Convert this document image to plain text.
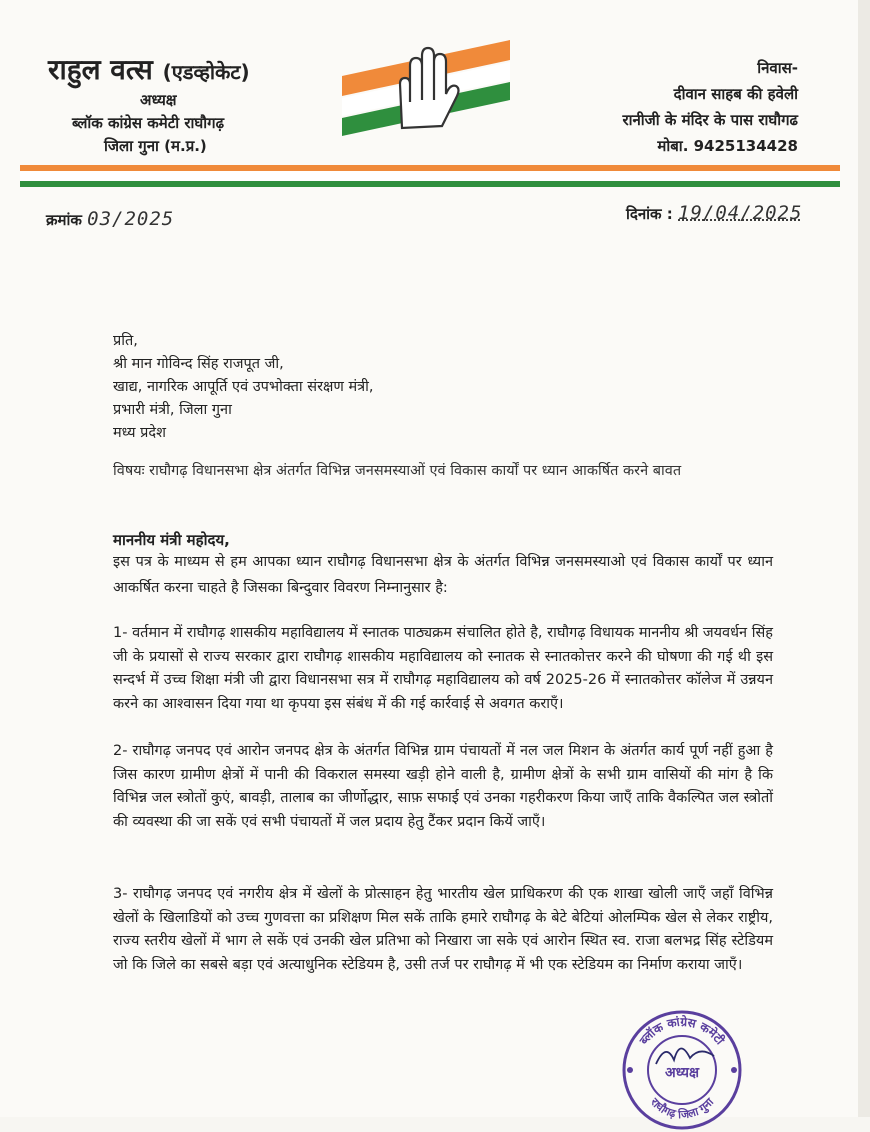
राहुल वत्स (एडव्होकेट)
अध्यक्ष
ब्लॉक कांग्रेस कमेटी राघौगढ़
जिला गुना (म.प्र.)
निवास-
दीवान साहब की हवेली
रानीजी के मंदिर के पास राघौगढ
मोबा. 9425134428
क्रमांक 03/2025	दिनांक : 19/04/2025
प्रति,
श्री मान गोविन्द सिंह राजपूत जी,
खाद्य, नागरिक आपूर्ति एवं उपभोक्ता संरक्षण मंत्री,
प्रभारी मंत्री, जिला गुना
मध्य प्रदेश
विषयः राघौगढ़ विधानसभा क्षेत्र अंतर्गत विभिन्न जनसमस्याओं एवं विकास कार्यों पर ध्यान आकर्षित करने बावत
माननीय मंत्री महोदय,
इस पत्र के माध्यम से हम आपका ध्यान राघौगढ़ विधानसभा क्षेत्र के अंतर्गत विभिन्न जनसमस्याओ एवं विकास कार्यों पर ध्यान आकर्षित करना चाहते है जिसका बिन्दुवार विवरण निम्नानुसार है:
1- वर्तमान में राघौगढ़ शासकीय महाविद्यालय में स्नातक पाठ्यक्रम संचालित होते है, राघौगढ़ विधायक माननीय श्री जयवर्धन सिंह जी के प्रयासों से राज्य सरकार द्वारा राघौगढ़ शासकीय महाविद्यालय को स्नातक से स्नातकोत्तर करने की घोषणा की गई थी इस सन्दर्भ में उच्च शिक्षा मंत्री जी द्वारा विधानसभा सत्र में राघौगढ़ महाविद्यालय को वर्ष 2025-26 में स्नातकोत्तर कॉलेज में उन्नयन करने का आश्वासन दिया गया था कृपया इस संबंध में की गई कार्रवाई से अवगत कराएँ।
2- राघौगढ़ जनपद एवं आरोन जनपद क्षेत्र के अंतर्गत विभिन्न ग्राम पंचायतों में नल जल मिशन के अंतर्गत कार्य पूर्ण नहीं हुआ है जिस कारण ग्रामीण क्षेत्रों में पानी की विकराल समस्या खड़ी होने वाली है, ग्रामीण क्षेत्रों के सभी ग्राम वासियों की मांग है कि विभिन्न जल स्त्रोतों कुएं, बावड़ी, तालाब का जीर्णोद्धार, साफ़ सफाई एवं उनका गहरीकरण किया जाएँ ताकि वैकल्पित जल स्त्रोतों की व्यवस्था की जा सकें एवं सभी पंचायतों में जल प्रदाय हेतु टैंकर प्रदान कियें जाएँ।
3- राघौगढ़ जनपद एवं नगरीय क्षेत्र में खेलों के प्रोत्साहन हेतु भारतीय खेल प्राधिकरण की एक शाखा खोली जाएँ जहाँ विभिन्न खेलों के खिलाडियों को उच्च गुणवत्ता का प्रशिक्षण मिल सकें ताकि हमारे राघौगढ़ के बेटे बेटियां ओलम्पिक खेल से लेकर राष्ट्रीय, राज्य स्तरीय खेलों में भाग ले सकें एवं उनकी खेल प्रतिभा को निखारा जा सके एवं आरोन स्थित स्व. राजा बलभद्र सिंह स्टेडियम जो कि जिले का सबसे बड़ा एवं अत्याधुनिक स्टेडियम है, उसी तर्ज पर राघौगढ़ में भी एक स्टेडियम का निर्माण कराया जाएँ।
ब्लॉक कांग्रेस कमेटी
राघौगढ़ जिला गुना
अध्यक्ष
